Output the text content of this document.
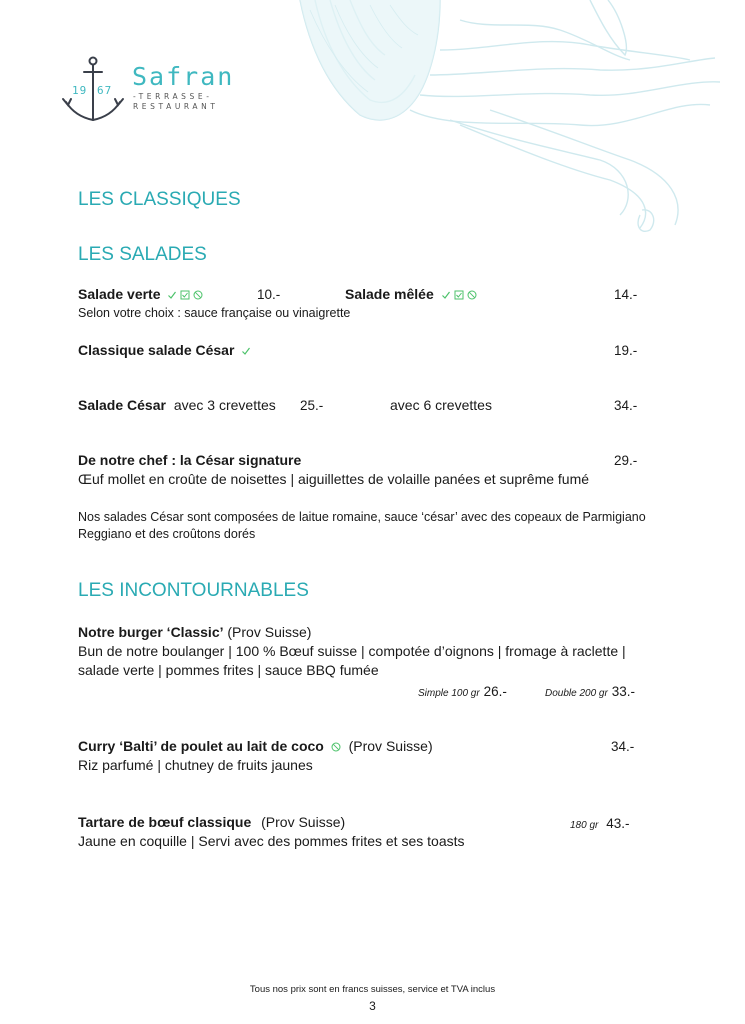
19 67 Safran
-TERRASSE-
RESTAURANT
LES CLASSIQUES
LES SALADES
Salade verte	10.-	Salade mêlée	14.-
Selon votre choix : sauce française ou vinaigrette
Classique salade César	19.-
Salade César avec 3 crevettes 25.-	avec 6 crevettes	34.-
De notre chef : la César signature	29.-
Œuf mollet en croûte de noisettes | aiguillettes de volaille panées et suprême fumé
Nos salades César sont composées de laitue romaine, sauce ‘césar’ avec des copeaux de Parmigiano
Reggiano et des croûtons dorés
LES INCONTOURNABLES
Notre burger ‘Classic’ (Prov Suisse)
Bun de notre boulanger | 100 % Bœuf suisse | compotée d’oignons | fromage à raclette |
salade verte | pommes frites | sauce BBQ fumée
Simple 100 gr 26.-	Double 200 gr 33.-
Curry ‘Balti’ de poulet au lait de coco (Prov Suisse)	34.-
Riz parfumé | chutney de fruits jaunes
Tartare de bœuf classique (Prov Suisse)	180 gr 43.-
Jaune en coquille | Servi avec des pommes frites et ses toasts
Tous nos prix sont en francs suisses, service et TVA inclus
3
